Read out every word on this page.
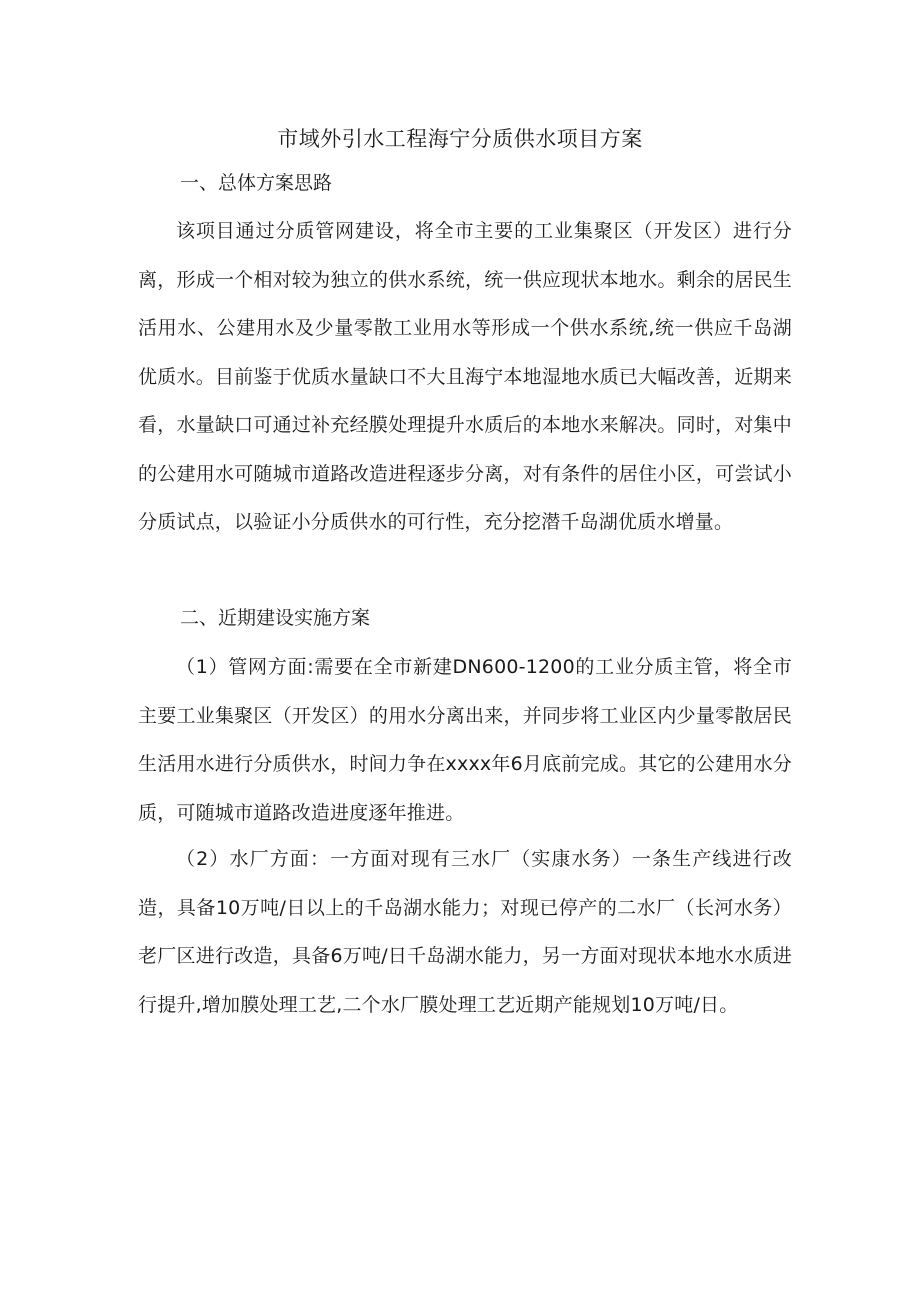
市域外引水工程海宁分质供水项目方案
一、总体方案思路
该项目通过分质管网建设，将全市主要的工业集聚区（开发区）进行分离，形成一个相对较为独立的供水系统，统一供应现状本地水。剩余的居民生活用水、公建用水及少量零散工业用水等形成一个供水系统,统一供应千岛湖优质水。目前鉴于优质水量缺口不大且海宁本地湿地水质已大幅改善，近期来看，水量缺口可通过补充经膜处理提升水质后的本地水来解决。同时，对集中的公建用水可随城市道路改造进程逐步分离，对有条件的居住小区，可尝试小分质试点，以验证小分质供水的可行性，充分挖潜千岛湖优质水增量。
二、近期建设实施方案
（1）管网方面:需要在全市新建DN600-1200的工业分质主管，将全市主要工业集聚区（开发区）的用水分离出来，并同步将工业区内少量零散居民生活用水进行分质供水，时间力争在xxxx年6月底前完成。其它的公建用水分质，可随城市道路改造进度逐年推进。
（2）水厂方面：一方面对现有三水厂（实康水务）一条生产线进行改造，具备10万吨/日以上的千岛湖水能力；对现已停产的二水厂（长河水务）老厂区进行改造，具备6万吨/日千岛湖水能力，另一方面对现状本地水水质进行提升,增加膜处理工艺,二个水厂膜处理工艺近期产能规划10万吨/日。
